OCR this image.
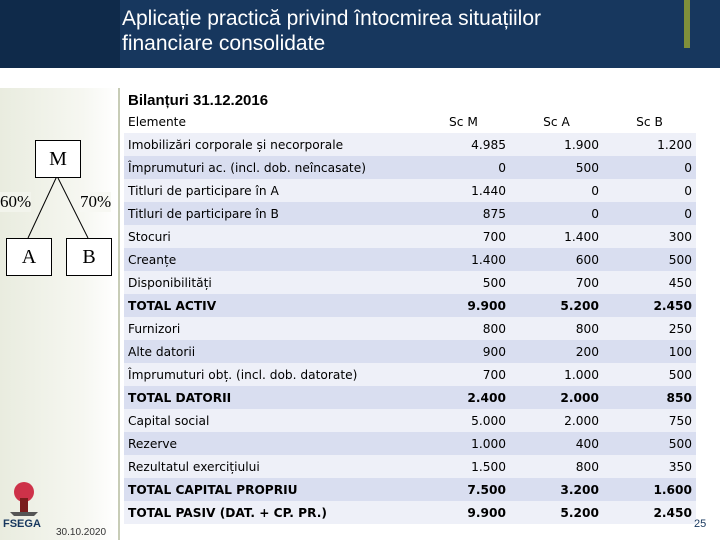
Aplicație practică privind întocmirea situațiilor
financiare consolidate
Bilanțuri 31.12.2016
M
60%	70%
A	B
Elemente	Sc M	Sc A	Sc B
Imobilizări corporale și necorporale	4.985	1.900	1.200
Împrumuturi ac. (incl. dob. neîncasate)	0	500	0
Titluri de participare în A	1.440	0	0
Titluri de participare în B	875	0	0
Stocuri	700	1.400	300
Creanțe	1.400	600	500
Disponibilități	500	700	450
TOTAL ACTIV	9.900	5.200	2.450
Furnizori	800	800	250
Alte datorii	900	200	100
Împrumuturi obț. (incl. dob. datorate)	700	1.000	500
TOTAL DATORII	2.400	2.000	850
Capital social	5.000	2.000	750
Rezerve	1.000	400	500
Rezultatul exercițiului	1.500	800	350
TOTAL CAPITAL PROPRIU	7.500	3.200	1.600
TOTAL PASIV (DAT. + CP. PR.)	9.900	5.200	2.450
FSEGA
30.10.2020
25
